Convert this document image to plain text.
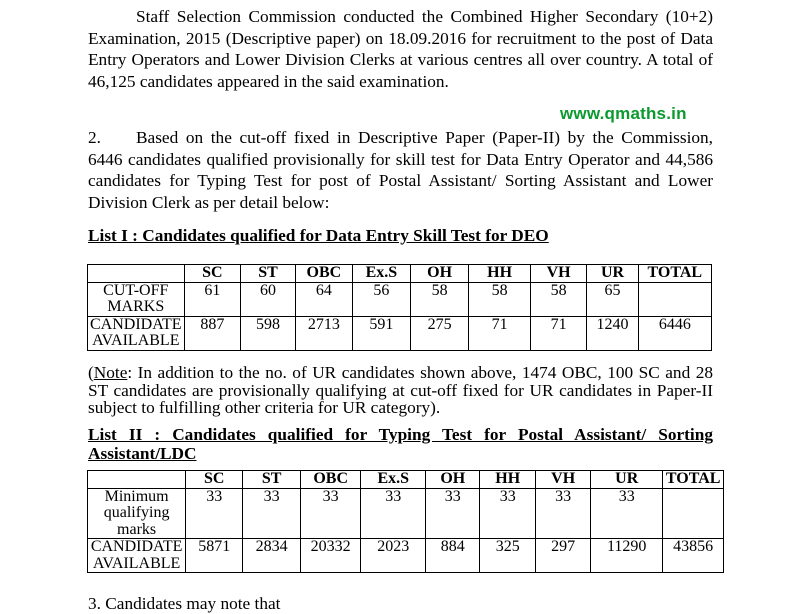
Staff Selection Commission conducted the Combined Higher Secondary (10+2) Examination, 2015 (Descriptive paper) on 18.09.2016 for recruitment to the post of Data Entry Operators and Lower Division Clerks at various centres all over country. A total of 46,125 candidates appeared in the said examination.

www.qmaths.in

2. Based on the cut-off fixed in Descriptive Paper (Paper-II) by the Commission, 6446 candidates qualified provisionally for skill test for Data Entry Operator and 44,586 candidates for Typing Test for post of Postal Assistant/ Sorting Assistant and Lower Division Clerk as per detail below:

List I : Candidates qualified for Data Entry Skill Test for DEO

	SC	ST	OBC	Ex.S	OH	HH	VH	UR	TOTAL
CUT-OFF MARKS	61	60	64	56	58	58	58	65	
CANDIDATE AVAILABLE	887	598	2713	591	275	71	71	1240	6446

(Note: In addition to the no. of UR candidates shown above, 1474 OBC, 100 SC and 28 ST candidates are provisionally qualifying at cut-off fixed for UR candidates in Paper-II subject to fulfilling other criteria for UR category).

List II : Candidates qualified for Typing Test for Postal Assistant/ Sorting Assistant/LDC

	SC	ST	OBC	Ex.S	OH	HH	VH	UR	TOTAL
Minimum qualifying marks	33	33	33	33	33	33	33	33	
CANDIDATE AVAILABLE	5871	2834	20332	2023	884	325	297	11290	43856

3. Candidates may note that
